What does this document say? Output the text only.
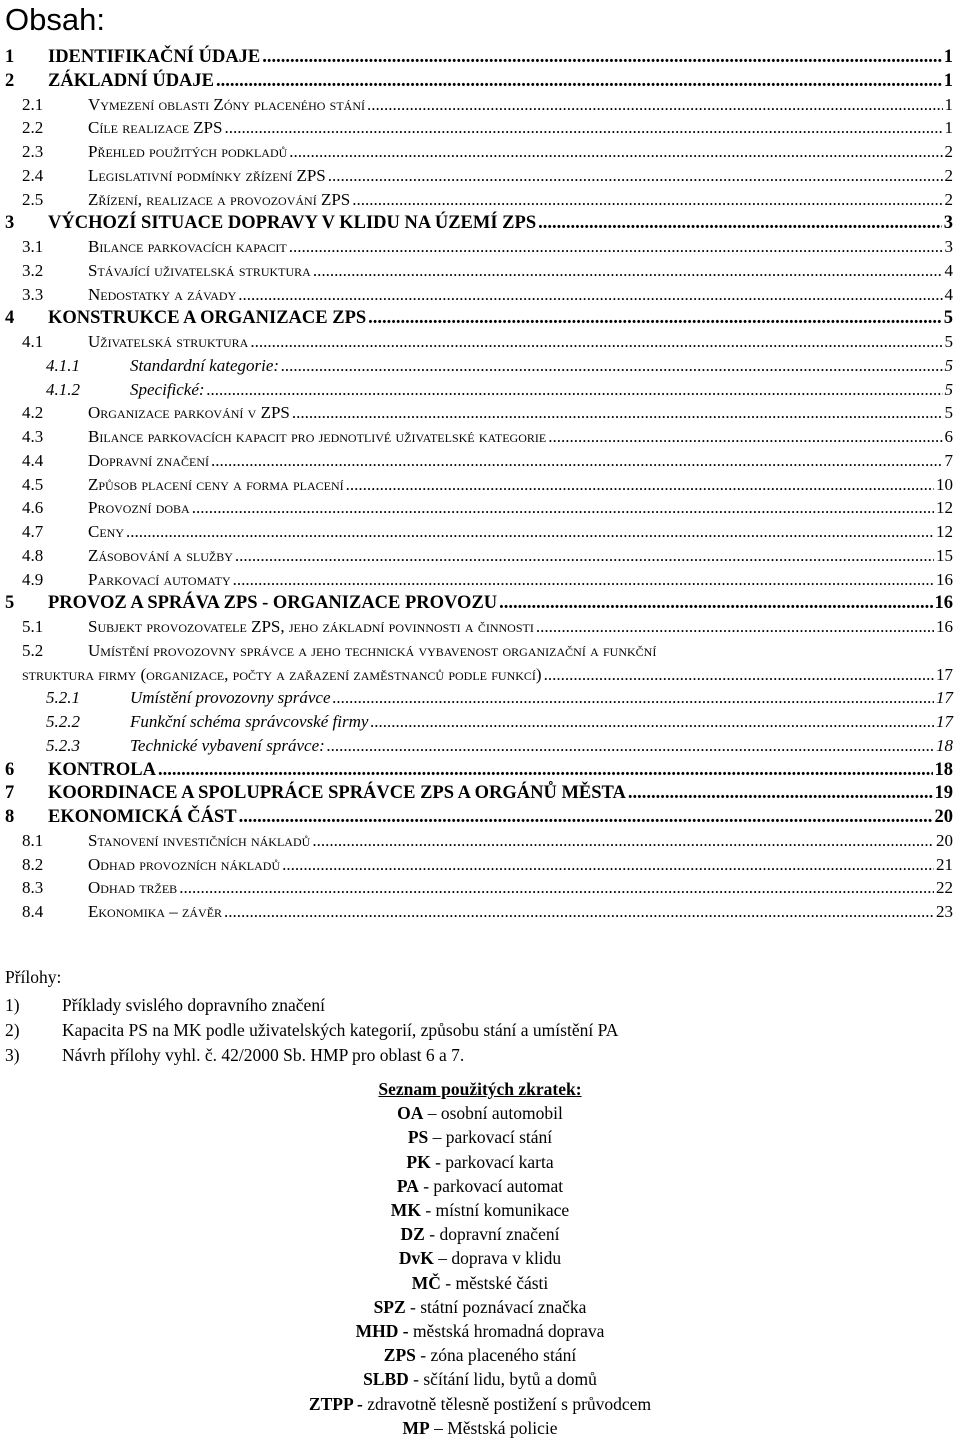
Obsah:
1	IDENTIFIKAČNÍ ÚDAJE .....	1
2	ZÁKLADNÍ ÚDAJE .....	1
2.1	Vymezení oblasti Zóny placeného stání .....	1
2.2	Cíle realizace ZPS .....	1
2.3	Přehled použitých podkladů .....	2
2.4	Legislativní podmínky zřízení ZPS .....	2
2.5	Zřízení, realizace a provozování ZPS .....	2
3	VÝCHOZÍ SITUACE DOPRAVY V KLIDU NA ÚZEMÍ ZPS .....	3
3.1	Bilance parkovacích kapacit .....	3
3.2	Stávající uživatelská struktura .....	4
3.3	Nedostatky a závady .....	4
4	KONSTRUKCE A ORGANIZACE ZPS .....	5
4.1	Uživatelská struktura .....	5
4.1.1	Standardní kategorie: .....	5
4.1.2	Specifické: .....	5
4.2	Organizace parkování v ZPS .....	5
4.3	Bilance parkovacích kapacit pro jednotlivé uživatelské kategorie .....	6
4.4	Dopravní značení .....	7
4.5	Způsob placení ceny a forma placení .....	10
4.6	Provozní doba .....	12
4.7	Ceny .....	12
4.8	Zásobování a služby .....	15
4.9	Parkovací automaty .....	16
5	PROVOZ A SPRÁVA ZPS - ORGANIZACE PROVOZU .....	16
5.1	Subjekt provozovatele ZPS, jeho základní povinnosti a činnosti .....	16
5.2	Umístění provozovny správce a jeho technická vybavenost organizační a funkční
struktura firmy (organizace, počty a zařazení zaměstnanců podle funkcí) .....	17
5.2.1	Umístění provozovny správce .....	17
5.2.2	Funkční schéma správcovské firmy .....	17
5.2.3	Technické vybavení správce: .....	18
6	KONTROLA .....	18
7	KOORDINACE A SPOLUPRÁCE SPRÁVCE ZPS A ORGÁNŮ MĚSTA .....	19
8	EKONOMICKÁ ČÁST .....	20
8.1	Stanovení investičních nákladů .....	20
8.2	Odhad provozních nákladů .....	21
8.3	Odhad tržeb .....	22
8.4	Ekonomika – závěr .....	23
Přílohy:
1)	Příklady svislého dopravního značení
2)	Kapacita PS na MK podle uživatelských kategorií, způsobu stání a umístění PA
3)	Návrh přílohy vyhl. č. 42/2000 Sb. HMP pro oblast 6 a 7.
Seznam použitých zkratek:
OA – osobní automobil
PS – parkovací stání
PK - parkovací karta
PA - parkovací automat
MK - místní komunikace
DZ - dopravní značení
DvK – doprava v klidu
MČ - městské části
SPZ - státní poznávací značka
MHD - městská hromadná doprava
ZPS - zóna placeného stání
SLBD - sčítání lidu, bytů a domů
ZTPP - zdravotně tělesně postižení s průvodcem
MP – Městská policie
